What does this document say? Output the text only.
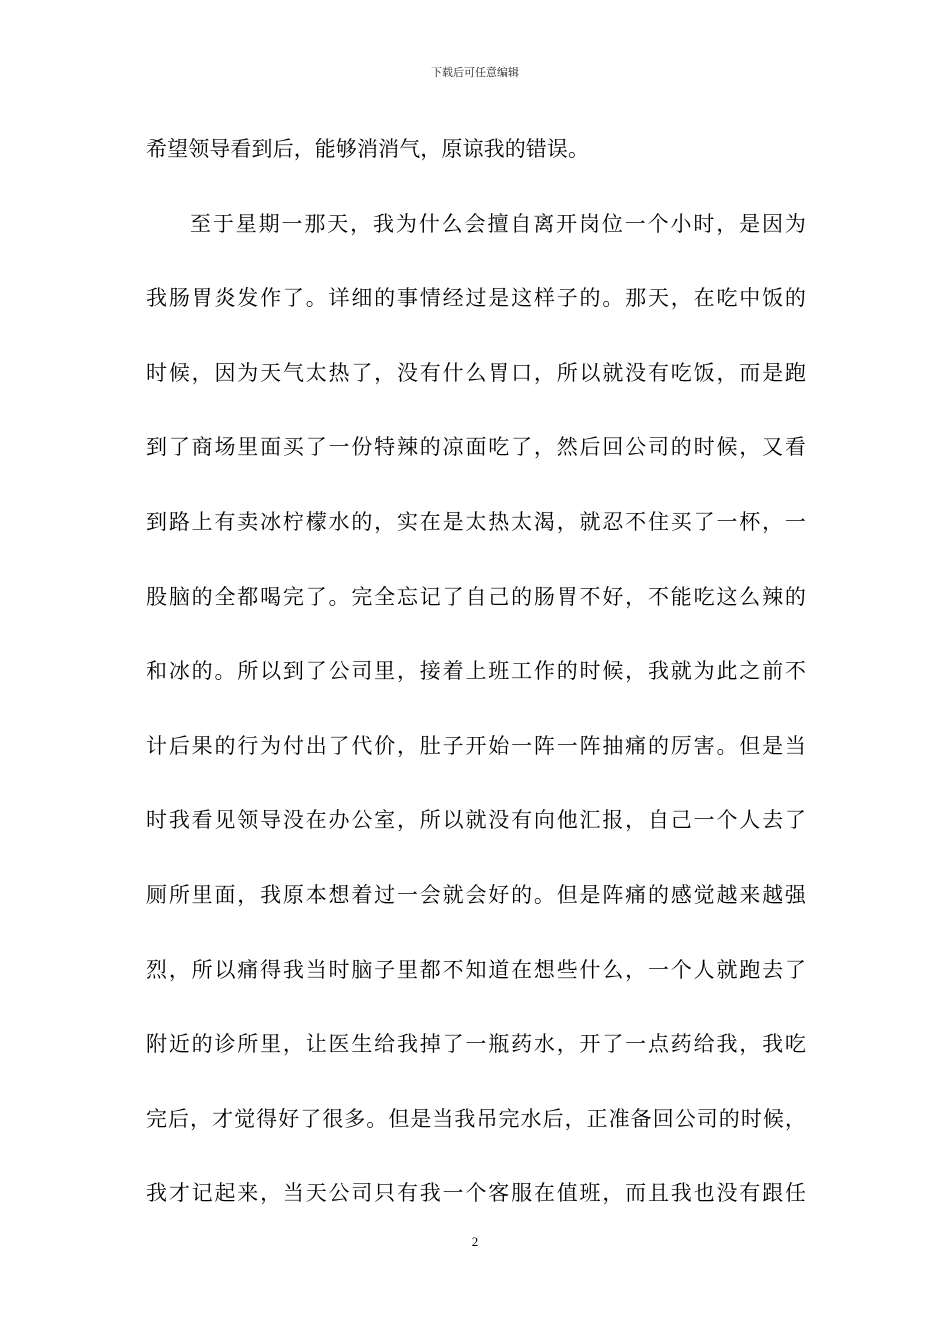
下载后可任意编辑
希望领导看到后，能够消消气，原谅我的错误。
至于星期一那天，我为什么会擅自离开岗位一个小时，是因为
我肠胃炎发作了。详细的事情经过是这样子的。那天，在吃中饭的
时候，因为天气太热了，没有什么胃口，所以就没有吃饭，而是跑
到了商场里面买了一份特辣的凉面吃了，然后回公司的时候，又看
到路上有卖冰柠檬水的，实在是太热太渴，就忍不住买了一杯，一
股脑的全都喝完了。完全忘记了自己的肠胃不好，不能吃这么辣的
和冰的。所以到了公司里，接着上班工作的时候，我就为此之前不
计后果的行为付出了代价，肚子开始一阵一阵抽痛的厉害。但是当
时我看见领导没在办公室，所以就没有向他汇报，自己一个人去了
厕所里面，我原本想着过一会就会好的。但是阵痛的感觉越来越强
烈，所以痛得我当时脑子里都不知道在想些什么，一个人就跑去了
附近的诊所里，让医生给我掉了一瓶药水，开了一点药给我，我吃
完后，才觉得好了很多。但是当我吊完水后，正准备回公司的时候，
我才记起来，当天公司只有我一个客服在值班，而且我也没有跟任
2
